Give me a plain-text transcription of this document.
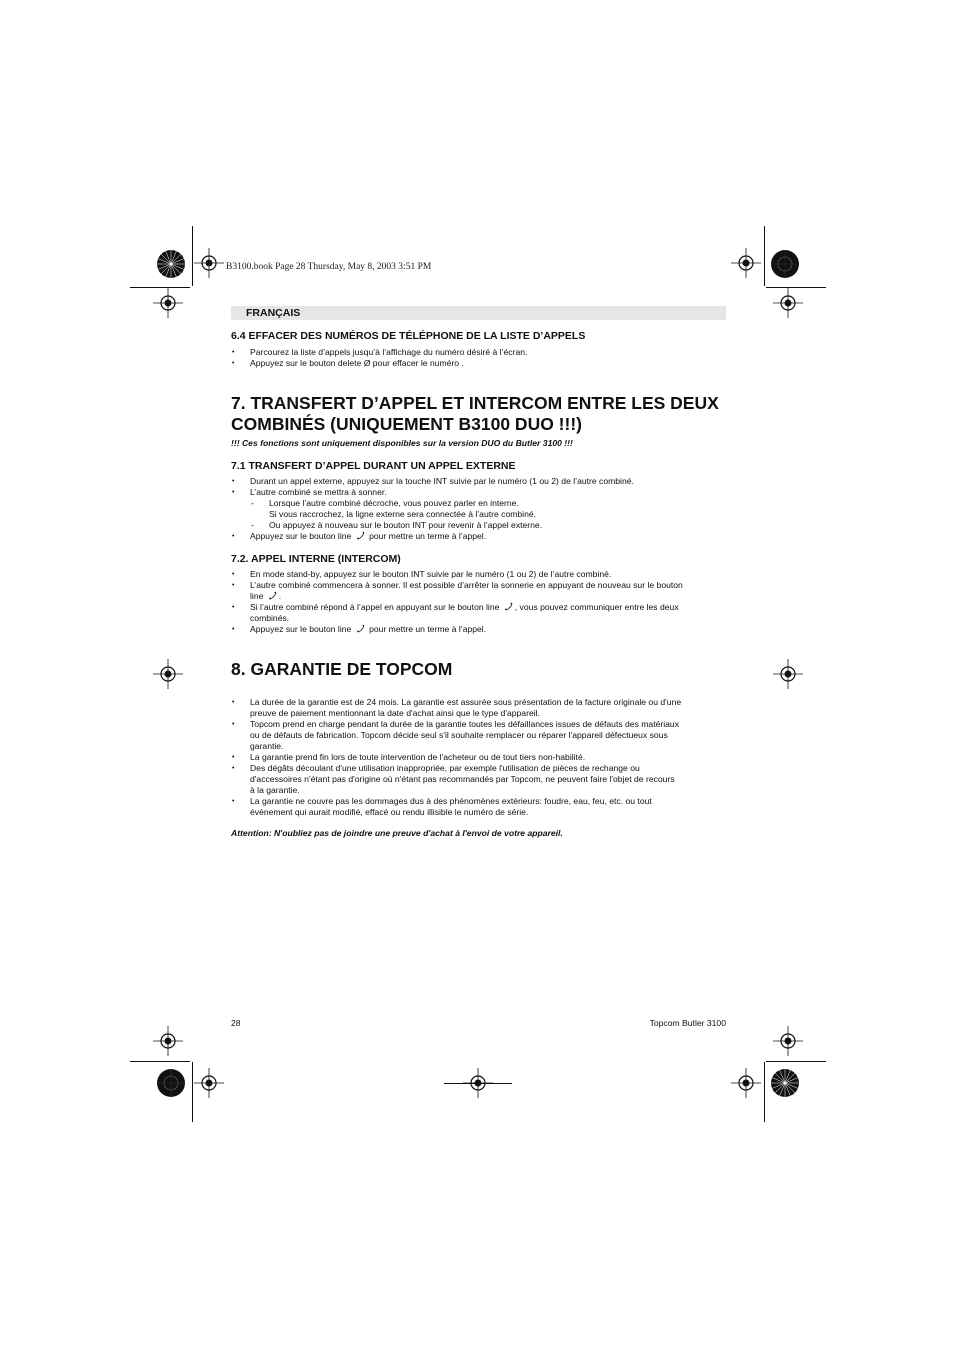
B3100.book Page 28 Thursday, May 8, 2003 3:51 PM
FRANÇAIS
6.4 EFFACER DES NUMÉROS DE TÉLÉPHONE DE LA LISTE D’APPELS
• Parcourez la liste d’appels jusqu’à l’affichage du numéro désiré à l’écran.
• Appuyez sur le bouton delete Ø pour effacer le numéro .
7. TRANSFERT D’APPEL ET INTERCOM ENTRE LES DEUX
COMBINÉS (UNIQUEMENT B3100 DUO !!!)
!!! Ces fonctions sont uniquement disponibles sur la version DUO du Butler 3100 !!!
7.1 TRANSFERT D’APPEL DURANT UN APPEL EXTERNE
• Durant un appel externe, appuyez sur la touche INT suivie par le numéro (1 ou 2) de l’autre combiné.
• L’autre combiné se mettra à sonner.
- Lorsque l’autre combiné décroche, vous pouvez parler en interne.
Si vous raccrochez, la ligne externe sera connectée à l’autre combiné.
- Ou appuyez à nouveau sur le bouton INT pour revenir à l’appel externe.
• Appuyez sur le bouton line pour mettre un terme à l’appel.
7.2. APPEL INTERNE (INTERCOM)
• En mode stand-by, appuyez sur le bouton INT suivie par le numéro (1 ou 2) de l’autre combiné.
• L’autre combiné commencera à sonner. Il est possible d’arrêter la sonnerie en appuyant de nouveau sur le bouton
line .
• Si l’autre combiné répond à l’appel en appuyant sur le bouton line , vous pouvez communiquer entre les deux
combinés.
• Appuyez sur le bouton line pour mettre un terme à l’appel.
8. GARANTIE DE TOPCOM
• La durée de la garantie est de 24 mois. La garantie est assurée sous présentation de la facture originale ou d'une
preuve de paiement mentionnant la date d'achat ainsi que le type d'appareil.
• Topcom prend en charge pendant la durée de la garantie toutes les défaillances issues de défauts des matériaux
ou de défauts de fabrication. Topcom décide seul s'il souhaite remplacer ou réparer l'appareil défectueux sous
garantie.
• La garantie prend fin lors de toute intervention de l'acheteur ou de tout tiers non-habilité.
• Des dégâts découlant d'une utilisation inappropriée, par exemple l'utilisation de pièces de rechange ou
d'accessoires n'étant pas d'origine où n'étant pas recommandés par Topcom, ne peuvent faire l'objet de recours
à la garantie.
• La garantie ne couvre pas les dommages dus à des phénomènes extérieurs: foudre, eau, feu, etc. ou tout
évènement qui aurait modifié, effacé ou rendu illisible le numéro de série.
Attention: N'oubliez pas de joindre une preuve d'achat à l'envoi de votre appareil.
28	Topcom Butler 3100
